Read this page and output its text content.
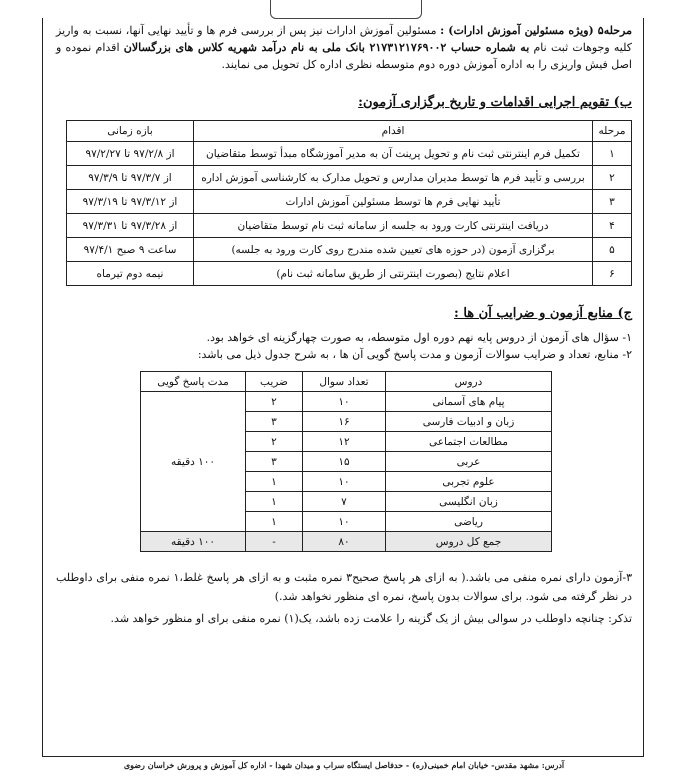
مرحله۵ (ویژه مسئولین آموزش ادارات) : مسئولین آموزش ادارات نیز پس از بررسی فرم ها و تأیید نهایی آنها، نسبت به واریز کلیه وجوهات ثبت نام به شماره حساب ۲۱۷۳۱۲۱۷۶۹۰۰۲ بانک ملی به نام درآمد شهریه کلاس های بزرگسالان اقدام نموده و اصل فیش واریزی را به اداره آموزش دوره دوم متوسطه نظری اداره کل تحویل می نمایند.

ب) تقویم اجرایی اقدامات و تاریخ برگزاری آزمون:
مرحله	اقدام	بازه زمانی
۱	تکمیل فرم اینترنتی ثبت نام و تحویل پرینت آن به مدیر آموزشگاه مبدأ توسط متقاضیان	از ۹۷/۲/۸ تا ۹۷/۲/۲۷
۲	بررسی و تأیید فرم ها توسط مدیران مدارس و تحویل مدارک به کارشناسی آموزش اداره	از ۹۷/۳/۷ تا ۹۷/۳/۹
۳	تأیید نهایی فرم ها توسط مسئولین آموزش ادارات	از ۹۷/۳/۱۲ تا ۹۷/۳/۱۹
۴	دریافت اینترنتی کارت ورود به جلسه از سامانه ثبت نام توسط متقاضیان	از ۹۷/۳/۲۸ تا ۹۷/۳/۳۱
۵	برگزاری آزمون (در حوزه های تعیین شده مندرج روی کارت ورود به جلسه)	ساعت ۹ صبح ۹۷/۴/۱
۶	اعلام نتایج (بصورت اینترنتی از طریق سامانه ثبت نام)	نیمه دوم تیرماه
ج) منابع آزمون و ضرایب آن ها :

۱- سؤال های آزمون از دروس پایه نهم دوره اول متوسطه، به صورت چهارگزینه ای خواهد بود.

۲- منابع، تعداد و ضرایب سوالات آزمون و مدت پاسخ گویی آن ها ، به شرح جدول ذیل می باشد:

دروس	تعداد سوال	ضریب	مدت پاسخ گویی
پیام های آسمانی	۱۰	۲	۱۰۰ دقیقه
زبان و ادبیات فارسی	۱۶	۳	
مطالعات اجتماعی	۱۲	۲	
عربی	۱۵	۳	
علوم تجربی	۱۰	۱	
زبان انگلیسی	۷	۱	
ریاضی	۱۰	۱	
جمع کل دروس	۸۰	-	۱۰۰ دقیقه

۳-آزمون دارای نمره منفی می باشد.( به ازای هر پاسخ صحیح۳ نمره مثبت و به ازای هر پاسخ غلط،۱ نمره منفی برای داوطلب در نظر گرفته می شود. برای سوالات بدون پاسخ، نمره ای منظور نخواهد شد.)

تذکر: چنانچه داوطلب در سوالی بیش از یک گزینه را علامت زده باشد، یک(۱) نمره منفی برای او منظور خواهد شد.

آدرس: مشهد مقدس- خیابان امام خمینی(ره) - حدفاصل ایستگاه سراب و میدان شهدا - اداره کل آموزش و پرورش خراسان رضوی
